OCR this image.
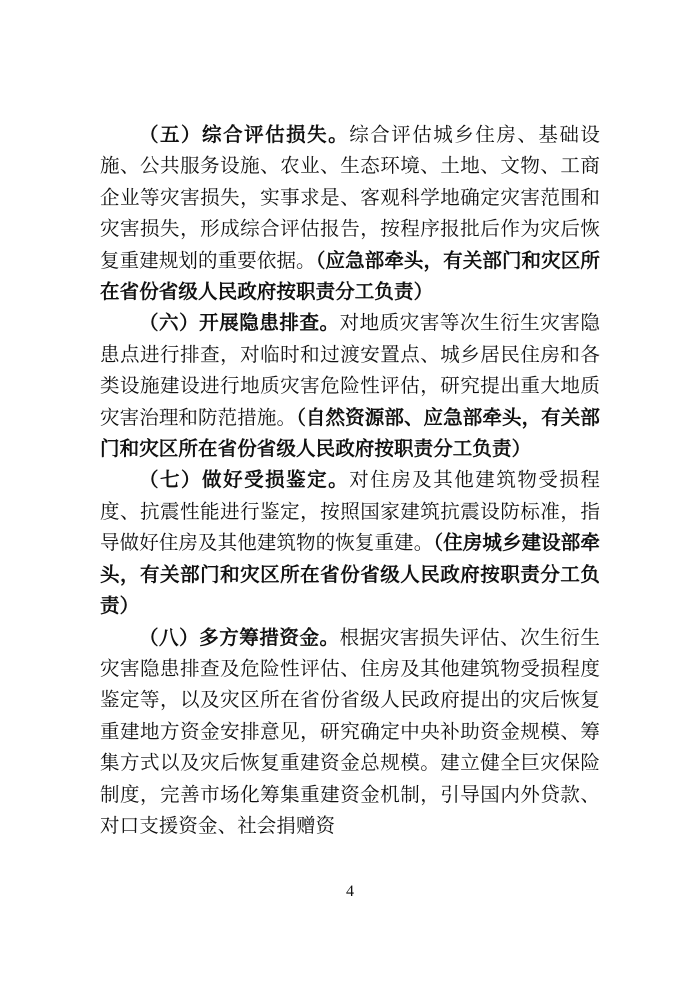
（五）综合评估损失。综合评估城乡住房、基础设施、公共服务设施、农业、生态环境、土地、文物、工商企业等灾害损失，实事求是、客观科学地确定灾害范围和灾害损失，形成综合评估报告，按程序报批后作为灾后恢复重建规划的重要依据。（应急部牵头，有关部门和灾区所在省份省级人民政府按职责分工负责）

（六）开展隐患排查。对地质灾害等次生衍生灾害隐患点进行排查，对临时和过渡安置点、城乡居民住房和各类设施建设进行地质灾害危险性评估，研究提出重大地质灾害治理和防范措施。（自然资源部、应急部牵头，有关部门和灾区所在省份省级人民政府按职责分工负责）

（七）做好受损鉴定。对住房及其他建筑物受损程度、抗震性能进行鉴定，按照国家建筑抗震设防标准，指导做好住房及其他建筑物的恢复重建。（住房城乡建设部牵头，有关部门和灾区所在省份省级人民政府按职责分工负责）

（八）多方筹措资金。根据灾害损失评估、次生衍生灾害隐患排查及危险性评估、住房及其他建筑物受损程度鉴定等，以及灾区所在省份省级人民政府提出的灾后恢复重建地方资金安排意见，研究确定中央补助资金规模、筹集方式以及灾后恢复重建资金总规模。建立健全巨灾保险制度，完善市场化筹集重建资金机制，引导国内外贷款、对口支援资金、社会捐赠资

4
